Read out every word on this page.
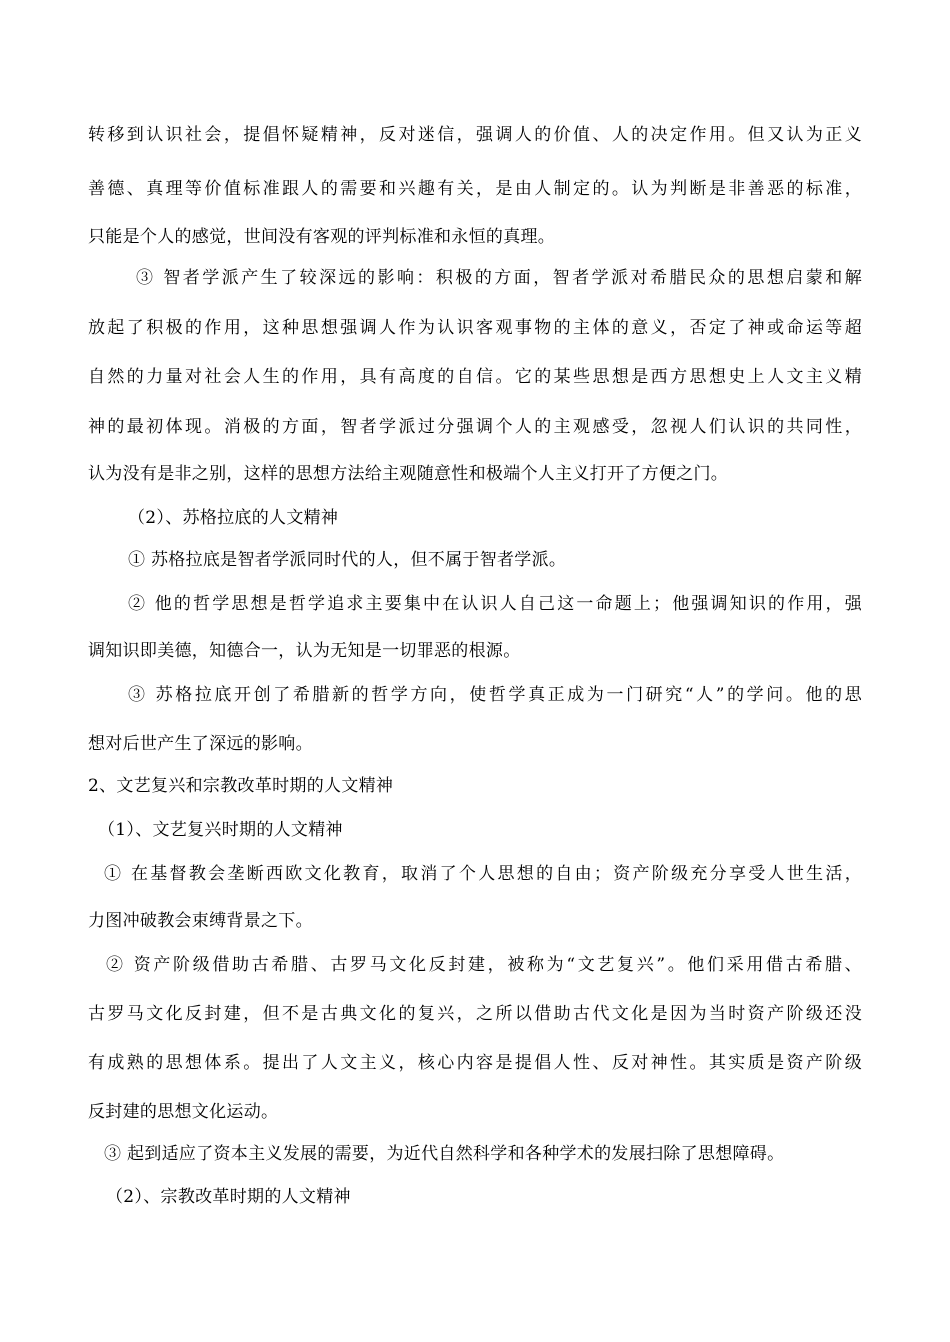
转移到认识社会，提倡怀疑精神，反对迷信，强调人的价值、人的决定作用。但又认为正义
善德、真理等价值标准跟人的需要和兴趣有关，是由人制定的。认为判断是非善恶的标准，
只能是个人的感觉，世间没有客观的评判标准和永恒的真理。
③ 智者学派产生了较深远的影响：积极的方面，智者学派对希腊民众的思想启蒙和解
放起了积极的作用，这种思想强调人作为认识客观事物的主体的意义，否定了神或命运等超
自然的力量对社会人生的作用，具有高度的自信。它的某些思想是西方思想史上人文主义精
神的最初体现。消极的方面，智者学派过分强调个人的主观感受，忽视人们认识的共同性，
认为没有是非之别，这样的思想方法给主观随意性和极端个人主义打开了方便之门。
（2）、苏格拉底的人文精神
① 苏格拉底是智者学派同时代的人，但不属于智者学派。
② 他的哲学思想是哲学追求主要集中在认识人自己这一命题上；他强调知识的作用，强
调知识即美德，知德合一，认为无知是一切罪恶的根源。
③ 苏格拉底开创了希腊新的哲学方向，使哲学真正成为一门研究“人”的学问。他的思
想对后世产生了深远的影响。
2、文艺复兴和宗教改革时期的人文精神
（1）、文艺复兴时期的人文精神
① 在基督教会垄断西欧文化教育，取消了个人思想的自由；资产阶级充分享受人世生活，
力图冲破教会束缚背景之下。
② 资产阶级借助古希腊、古罗马文化反封建，被称为“文艺复兴”。他们采用借古希腊、
古罗马文化反封建，但不是古典文化的复兴，之所以借助古代文化是因为当时资产阶级还没
有成熟的思想体系。提出了人文主义，核心内容是提倡人性、反对神性。其实质是资产阶级
反封建的思想文化运动。
③ 起到适应了资本主义发展的需要，为近代自然科学和各种学术的发展扫除了思想障碍。
（2）、宗教改革时期的人文精神
